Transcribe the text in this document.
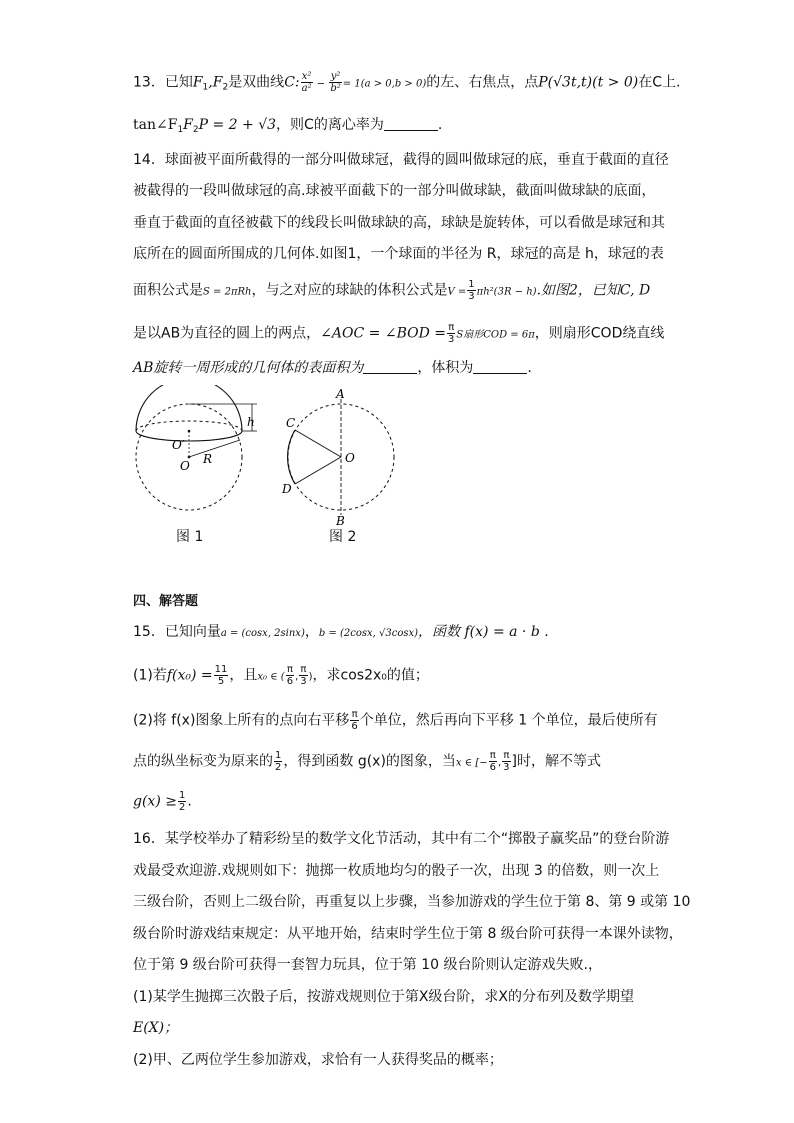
13．已知$F_1,F_2$是双曲线C: $\frac{\text{x²}}{\text{a²}} - \frac{\text{y²}}{\text{b²}} = 1(a > 0,b > 0)$的左、右焦点，点P(√3t,t)(t > 0)在C上.
$\tan\angle F_1F_2P = 2 + √3$，则C的离心率为	.
14．球面被平面所截得的一部分叫做球冠，截得的圆叫做球冠的底，垂直于截面的直径
被截得的一段叫做球冠的高.球被平面截下的一部分叫做球缺，截面叫做球缺的底面，
垂直于截面的直径被截下的线段长叫做球缺的高，球缺是旋转体，可以看做是球冠和其
底所在的圆面所围成的几何体.如图1，一个球面的半径为 R，球冠的高是 h，球冠的表
面积公式是S = 2πRh，与之对应的球缺的体积公式是$V = \frac{1}{3} \pi h^2(3R - h)$.如图2，已知C, D
是以AB为直径的圆上的两点，∠AOC = ∠BOD = $\frac{\pi}{3}$ S扇形COD = 6π，则扇形COD绕直线
AB旋转一周形成的几何体的表面积为	，体积为	.
h
O′
R
O
A
B
C
D
O
图 1	图 2
四、解答题
15．已知向量a = (cosx, 2sinx)，b = (2cosx, √3cosx)，函数 f(x) = a · b .
(1)若$f(x_0) = \frac{11}{5}$ ，且x₀ ∈ ( $\frac{\pi}{6}$ , $\frac{\pi}{3}$ )，求cos2x₀的值；
(2)将 f(x)图象上所有的点向右平移 $\frac{\pi}{6}$ 个单位，然后再向下平移 1 个单位，最后使所有
点的纵坐标变为原来的 $\frac{1}{2}$ ，得到函数 g(x)的图象，当x ∈ [− $\frac{\pi}{6}$ , $\frac{\pi}{3}$ ]时，解不等式
$g(x) \ge \frac{1}{2}$ .
16．某学校举办了精彩纷呈的数学文化节活动，其中有二个“掷骰子赢奖品”的登台阶游
戏最受欢迎游.戏规则如下：抛掷一枚质地均匀的骰子一次，出现 3 的倍数，则一次上
三级台阶，否则上二级台阶，再重复以上步骤，当参加游戏的学生位于第 8、第 9 或第 10
级台阶时游戏结束规定：从平地开始，结束时学生位于第 8 级台阶可获得一本课外读物，
位于第 9 级台阶可获得一套智力玩具，位于第 10 级台阶则认定游戏失败.，
(1)某学生抛掷三次骰子后，按游戏规则位于第X级台阶，求X的分布列及数学期望
E(X)；
(2)甲、乙两位学生参加游戏，求恰有一人获得奖品的概率；
